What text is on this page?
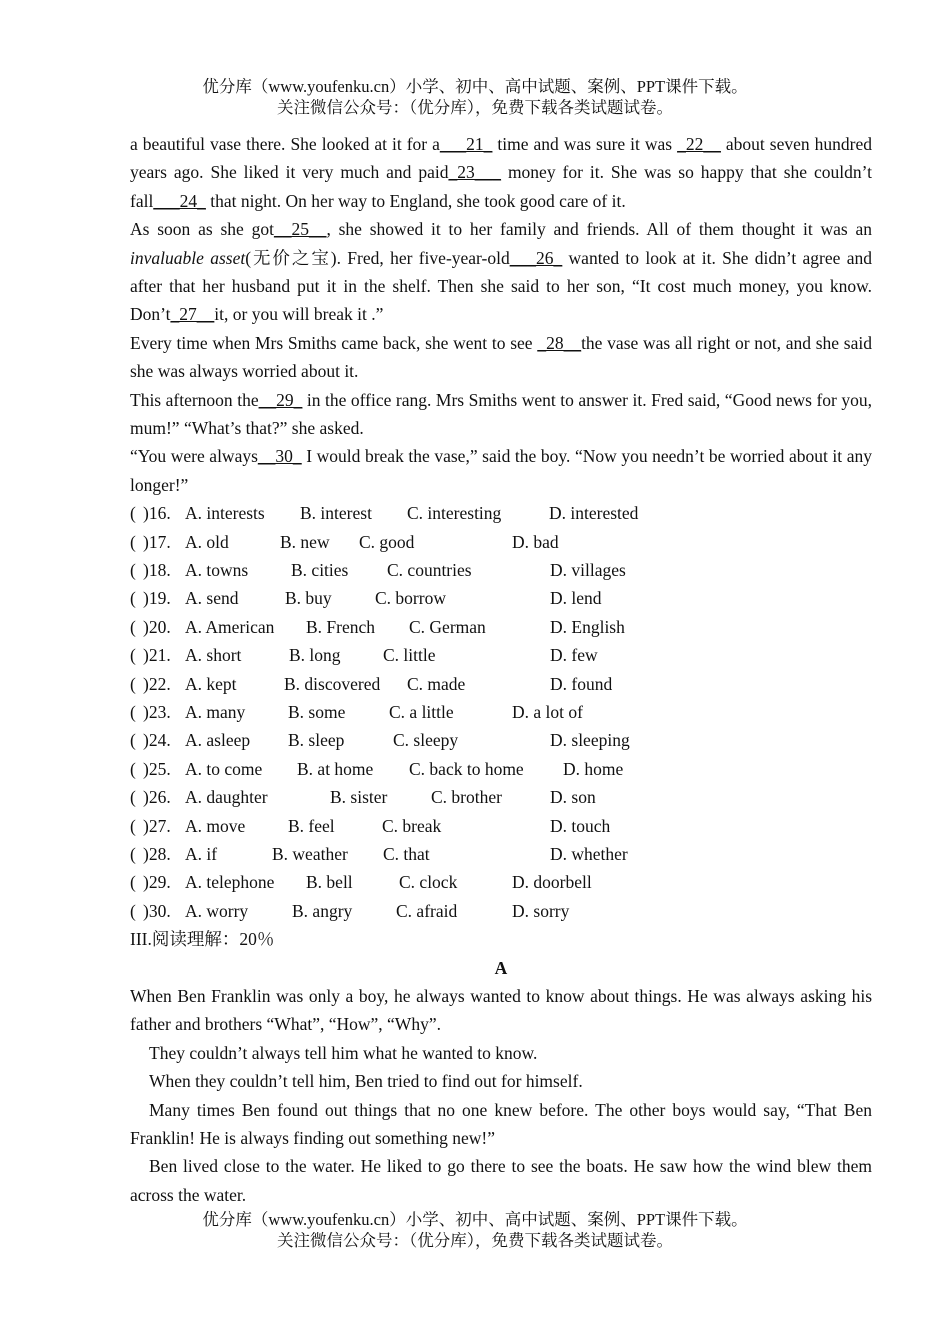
优分库（www.youfenku.cn）小学、初中、高中试题、案例、PPT课件下载。
关注微信公众号：（优分库），免费下载各类试题试卷。

a beautiful vase there. She looked at it for a___21_ time and was sure it was _22__ about seven hundred years ago. She liked it very much and paid_23___ money for it. She was so happy that she couldn’t fall___24_ that night. On her way to England, she took good care of it.

As soon as she got__25__, she showed it to her family and friends. All of them thought it was an invaluable asset(无价之宝). Fred, her five-year-old___26_ wanted to look at it. She didn’t agree and after that her husband put it in the shelf. Then she said to her son, “It cost much money, you know. Don’t_27__it, or you will break it .”

Every time when Mrs Smiths came back, she went to see _28__the vase was all right or not, and she said she was always worried about it.

This afternoon the__29_ in the office rang. Mrs Smiths went to answer it. Fred said, “Good news for you, mum!” “What’s that?” she asked.

“You were always__30_ I would break the vase,” said the boy. “Now you needn’t be worried about it any longer!”

( )16. A. interests B. interest C. interesting	D. interested
( )17. A. old	B. new C. good	D. bad
( )18. A. towns B. cities C. countries	D. villages
( )19. A. send	B. buy C. borrow	D. lend
( )20. A. American B. French C. German	D. English
( )21. A. short	B. long C. little	D. few
( )22. A. kept	B. discovered C. made	D. found
( )23. A. many B. some C. a little	D. a lot of
( )24. A. asleep B. sleep	C. sleepy	D. sleeping
( )25. A. to come B. at home C. back to home D. home
( )26. A. daughter	B. sister C. brother	D. son
( )27. A. move B. feel	C. break	D. touch
( )28. A. if	B. weather C. that	D. whether
( )29. A. telephone B. bell	C. clock	D. doorbell
( )30. A. worry	B. angry C. afraid	D. sorry

III.阅读理解：20％

A

When Ben Franklin was only a boy, he always wanted to know about things. He was always asking his father and brothers “What”, “How”, “Why”.

They couldn’t always tell him what he wanted to know.

When they couldn’t tell him, Ben tried to find out for himself.

Many times Ben found out things that no one knew before. The other boys would say, “That Ben Franklin! He is always finding out something new!”

Ben lived close to the water. He liked to go there to see the boats. He saw how the wind blew them across the water.

优分库（www.youfenku.cn）小学、初中、高中试题、案例、PPT课件下载。
关注微信公众号：（优分库），免费下载各类试题试卷。
